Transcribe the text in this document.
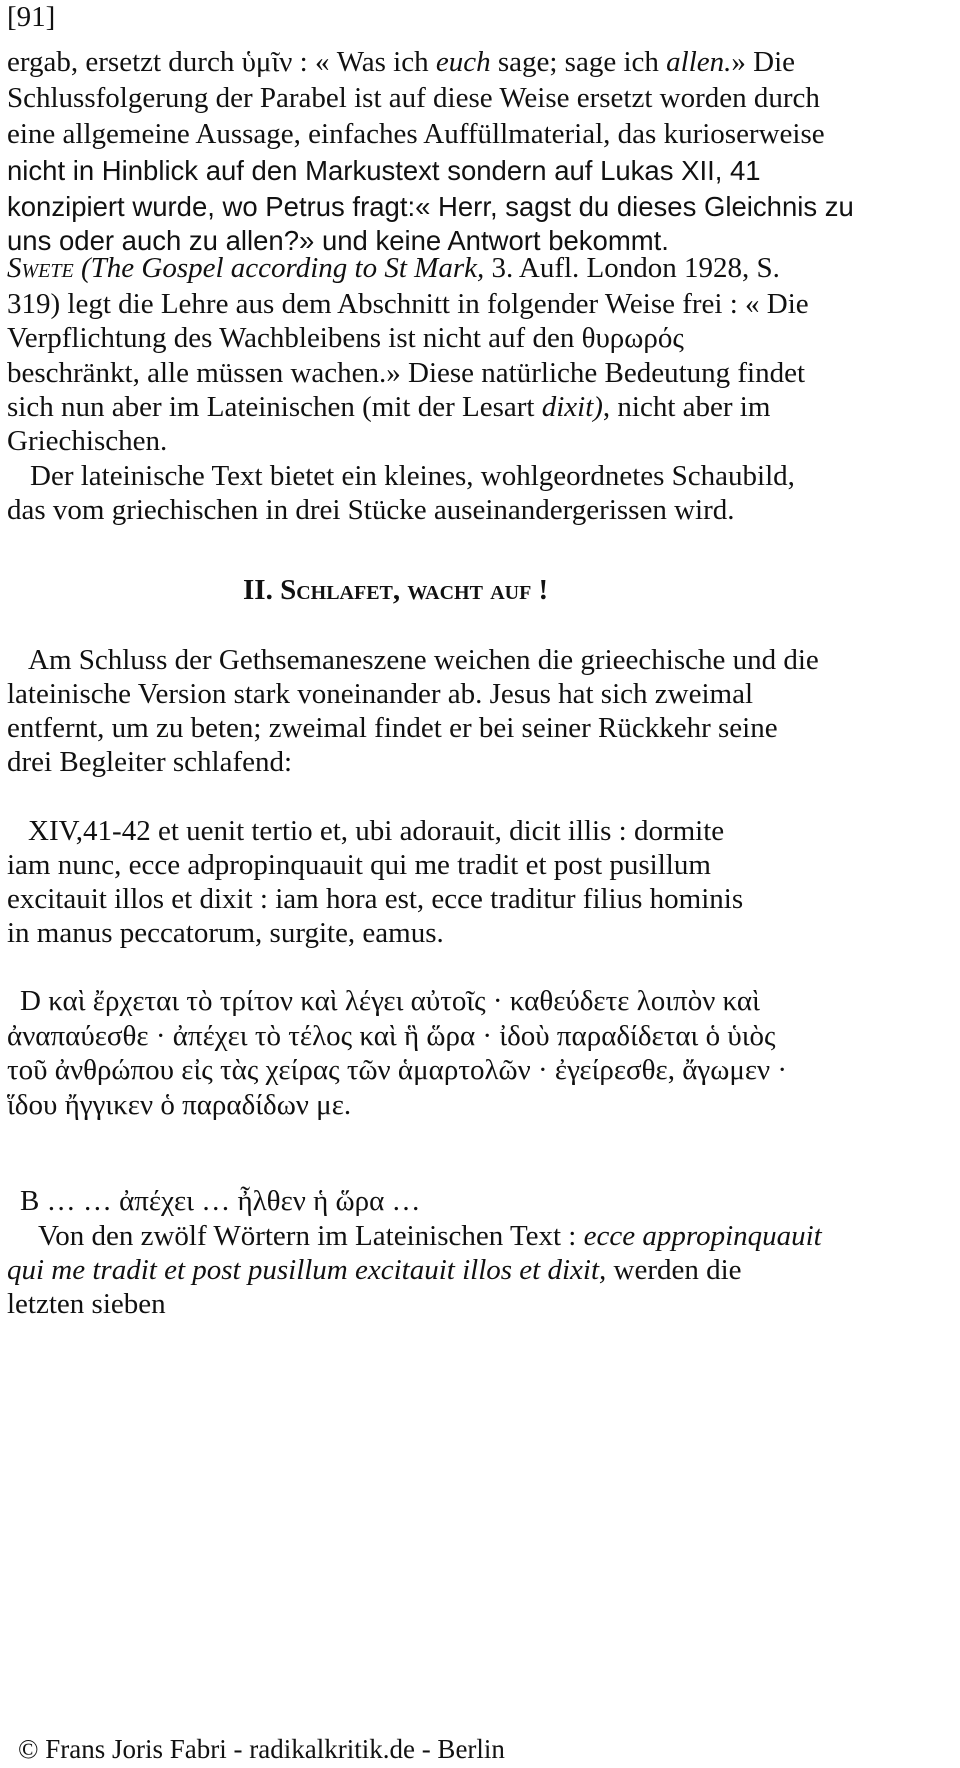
[91]
ergab, ersetzt durch ὑμῖν : « Was ich euch sage; sage ich allen.» Die
Schlussfolgerung der Parabel ist auf diese Weise ersetzt worden durch
eine allgemeine Aussage, einfaches Auffüllmaterial, das kurioserweise
nicht in Hinblick auf den Markustext sondern auf Lukas XII, 41
konzipiert wurde, wo Petrus fragt:« Herr, sagst du dieses Gleichnis zu
uns oder auch zu allen?» und keine Antwort bekommt.
Swete (The Gospel according to St Mark, 3. Aufl. London 1928, S.
319) legt die Lehre aus dem Abschnitt in folgender Weise frei : « Die
Verpflichtung des Wachbleibens ist nicht auf den θυρωρός
beschränkt, alle müssen wachen.» Diese natürliche Bedeutung findet
sich nun aber im Lateinischen (mit der Lesart dixit), nicht aber im
Griechischen.
Der lateinische Text bietet ein kleines, wohlgeordnetes Schaubild,
das vom griechischen in drei Stücke auseinandergerissen wird.
II. Schlafet, wacht auf !
Am Schluss der Gethsemaneszene weichen die grieechische und die
lateinische Version stark voneinander ab. Jesus hat sich zweimal
entfernt, um zu beten; zweimal findet er bei seiner Rückkehr seine
drei Begleiter schlafend:
XIV,41-42 et uenit tertio et, ubi adorauit, dicit illis : dormite
iam nunc, ecce adpropinquauit qui me tradit et post pusillum
excitauit illos et dixit : iam hora est, ecce traditur filius hominis
in manus peccatorum, surgite, eamus.
D καὶ ἔρχεται τὸ τρίτον καὶ λέγει αὐτοῖς · καθεύδετε λοιπὸν καὶ
ἀναπαύεσθε · ἀπέχει τὸ τέλος καὶ ἣ ὥρα · ἰδοὺ παραδίδεται ὁ ὑιὸς
τοῦ ἀνθρώπου εἰς τὰς χείρας τῶν ἁμαρτολῶν · ἐγείρεσθε, ἄγωμεν ·
ἵδου ἤγγικεν ὁ παραδίδων με.
B … … ἀπέχει … ἦλθεν ἡ ὥρα …
Von den zwölf Wörtern im Lateinischen Text : ecce appropinquauit
qui me tradit et post pusillum excitauit illos et dixit, werden die
letzten sieben
© Frans Joris Fabri - radikalkritik.de - Berlin
